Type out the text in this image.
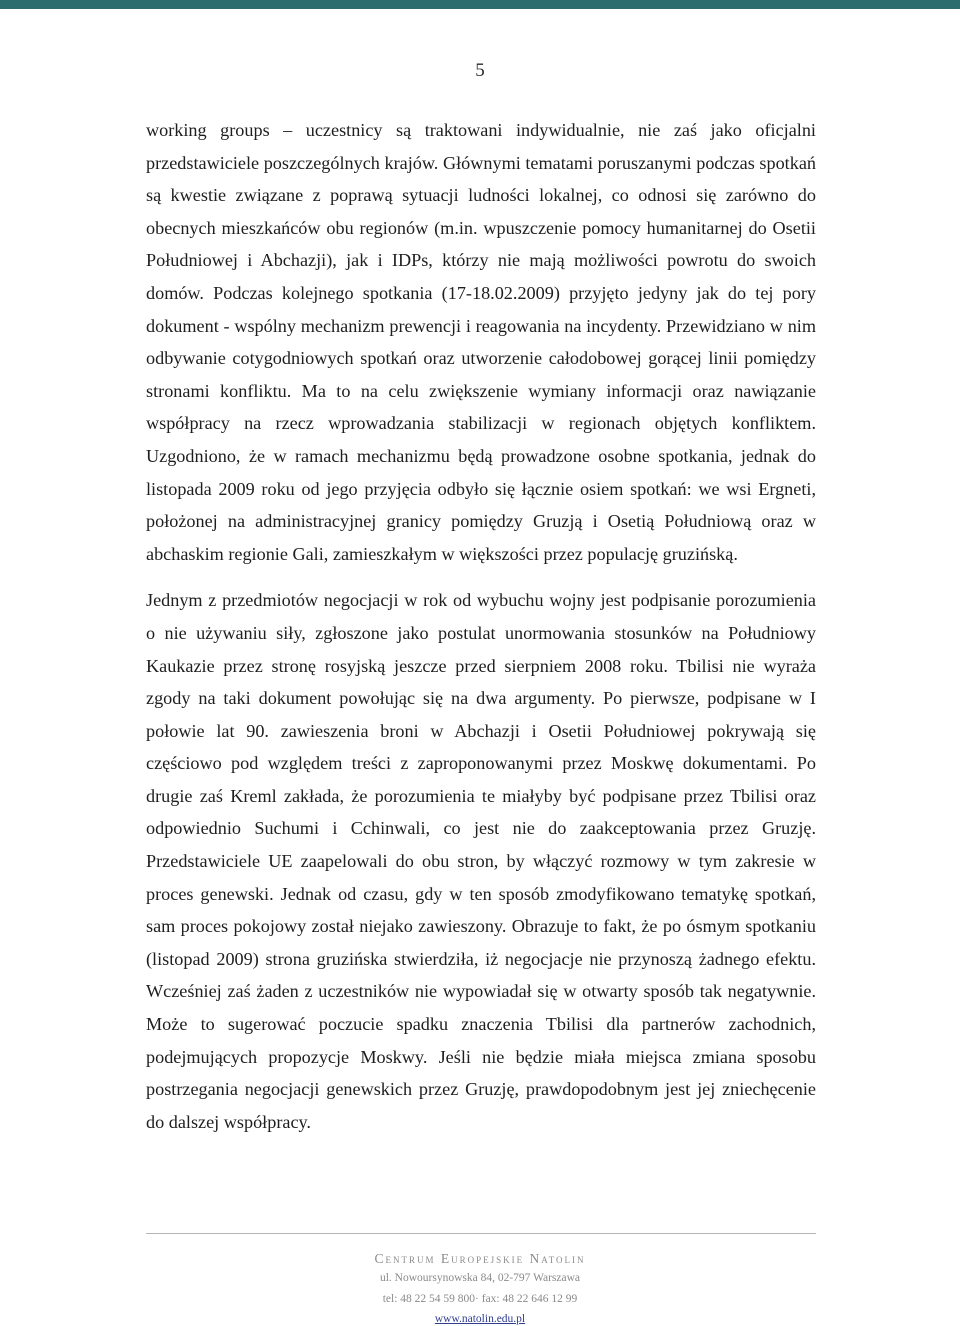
5

working groups – uczestnicy są traktowani indywidualnie, nie zaś jako oficjalni przedstawiciele poszczególnych krajów. Głównymi tematami poruszanymi podczas spotkań są kwestie związane z poprawą sytuacji ludności lokalnej, co odnosi się zarówno do obecnych mieszkańców obu regionów (m.in. wpuszczenie pomocy humanitarnej do Osetii Południowej i Abchazji), jak i IDPs, którzy nie mają możliwości powrotu do swoich domów. Podczas kolejnego spotkania (17-18.02.2009) przyjęto jedyny jak do tej pory dokument - wspólny mechanizm prewencji i reagowania na incydenty. Przewidziano w nim odbywanie cotygodniowych spotkań oraz utworzenie całodobowej gorącej linii pomiędzy stronami konfliktu. Ma to na celu zwiększenie wymiany informacji oraz nawiązanie współpracy na rzecz wprowadzania stabilizacji w regionach objętych konfliktem. Uzgodniono, że w ramach mechanizmu będą prowadzone osobne spotkania, jednak do listopada 2009 roku od jego przyjęcia odbyło się łącznie osiem spotkań: we wsi Ergneti, położonej na administracyjnej granicy pomiędzy Gruzją i Osetią Południową oraz w abchaskim regionie Gali, zamieszkałym w większości przez populację gruzińską.

Jednym z przedmiotów negocjacji w rok od wybuchu wojny jest podpisanie porozumienia o nie używaniu siły, zgłoszone jako postulat unormowania stosunków na Południowy Kaukazie przez stronę rosyjską jeszcze przed sierpniem 2008 roku. Tbilisi nie wyraża zgody na taki dokument powołując się na dwa argumenty. Po pierwsze, podpisane w I połowie lat 90. zawieszenia broni w Abchazji i Osetii Południowej pokrywają się częściowo pod względem treści z zaproponowanymi przez Moskwę dokumentami. Po drugie zaś Kreml zakłada, że porozumienia te miałyby być podpisane przez Tbilisi oraz odpowiednio Suchumi i Cchinwali, co jest nie do zaakceptowania przez Gruzję. Przedstawiciele UE zaapelowali do obu stron, by włączyć rozmowy w tym zakresie w proces genewski. Jednak od czasu, gdy w ten sposób zmodyfikowano tematykę spotkań, sam proces pokojowy został niejako zawieszony. Obrazuje to fakt, że po ósmym spotkaniu (listopad 2009) strona gruzińska stwierdziła, iż negocjacje nie przynoszą żadnego efektu. Wcześniej zaś żaden z uczestników nie wypowiadał się w otwarty sposób tak negatywnie. Może to sugerować poczucie spadku znaczenia Tbilisi dla partnerów zachodnich, podejmujących propozycje Moskwy. Jeśli nie będzie miała miejsca zmiana sposobu postrzegania negocjacji genewskich przez Gruzję, prawdopodobnym jest jej zniechęcenie do dalszej współpracy.

Centrum Europejskie Natolin
ul. Nowoursynowska 84, 02-797 Warszawa
tel: 48 22 54 59 800· fax: 48 22 646 12 99
www.natolin.edu.pl
